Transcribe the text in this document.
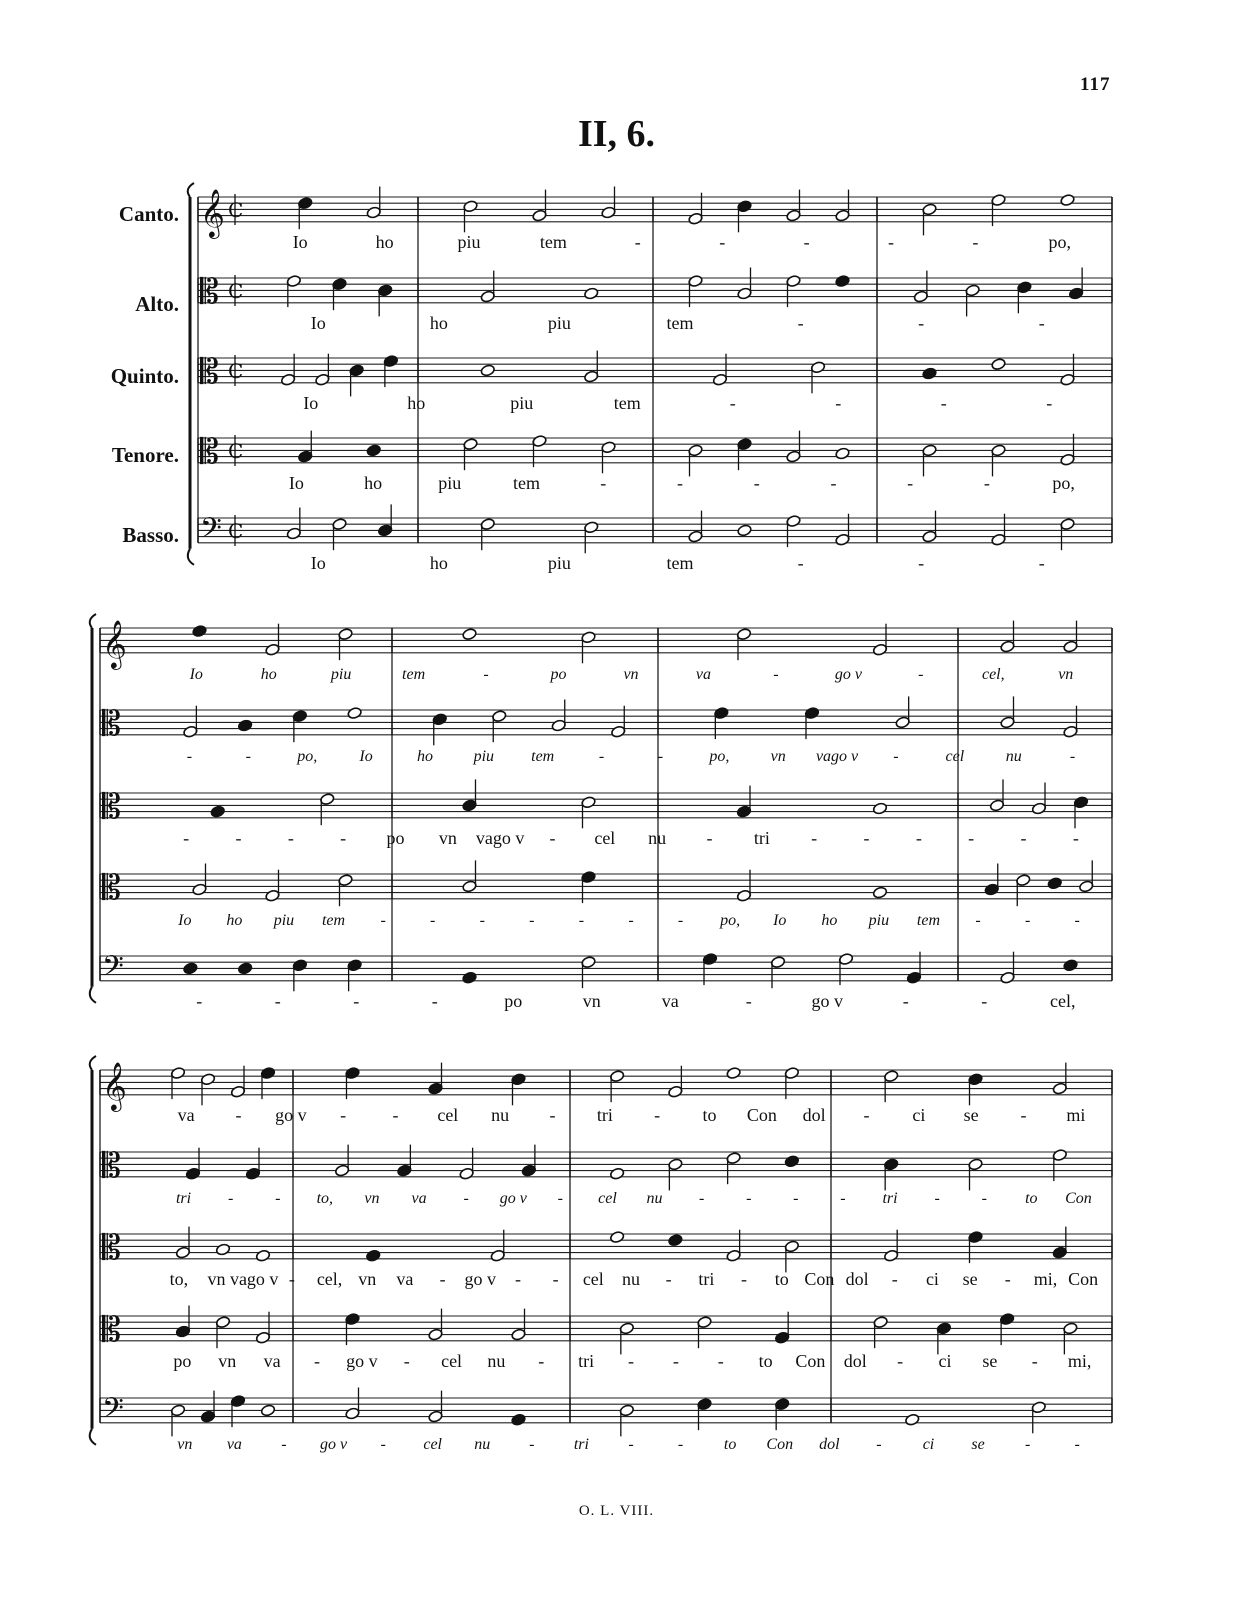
117
II, 6.
Canto.
Alto.
Quinto.
Tenore.
Basso.
𝄞 C
Io	ho	piu	tem	-	-	-	-	-	po,
𝄡 C
Io	ho	piu	tem	-	-	-
𝄡 C
Io	ho	piu	tem	-	-	-	-
𝄡 C
Io	ho	piu	tem	-	-	-	-	-	-	po,
𝄢 C
Io	ho	piu	tem	-	-	-
𝄞
Io	ho	piu	tem	-	po	vn	va	-	go v	-	cel,	vn
𝄡
-	-	po,	Io	ho	piu tem	-	-	po,	vn vago v -	cel	nu	-
𝄡
-	-	-	- po vn vago v - cel nu - tri -	-	-	-	-	-
𝄡
Io ho piu tem -	-	-	-	-	-	- po, Io ho piu tem -	-	-
𝄢
-	-	-	-	po	vn	va	-	go v	-	-	cel,
𝄞
va - go v -	- cel nu - tri - to Con dol - ci se - mi
𝄡
tri -	- to, vn va - go v - cel nu -	-	-	- tri -	- to Con
𝄡
to, vn vago v - cel, vn va - go v - - cel nu - tri - to Con dol - ci se - mi, Con
𝄡
po vn va - go v - cel nu - tri - - - to Con dol - ci se - mi,
𝄢
vn va - go v - cel nu - tri -	-	to Con dol -	ci se	-	-
O. L. VIII.
